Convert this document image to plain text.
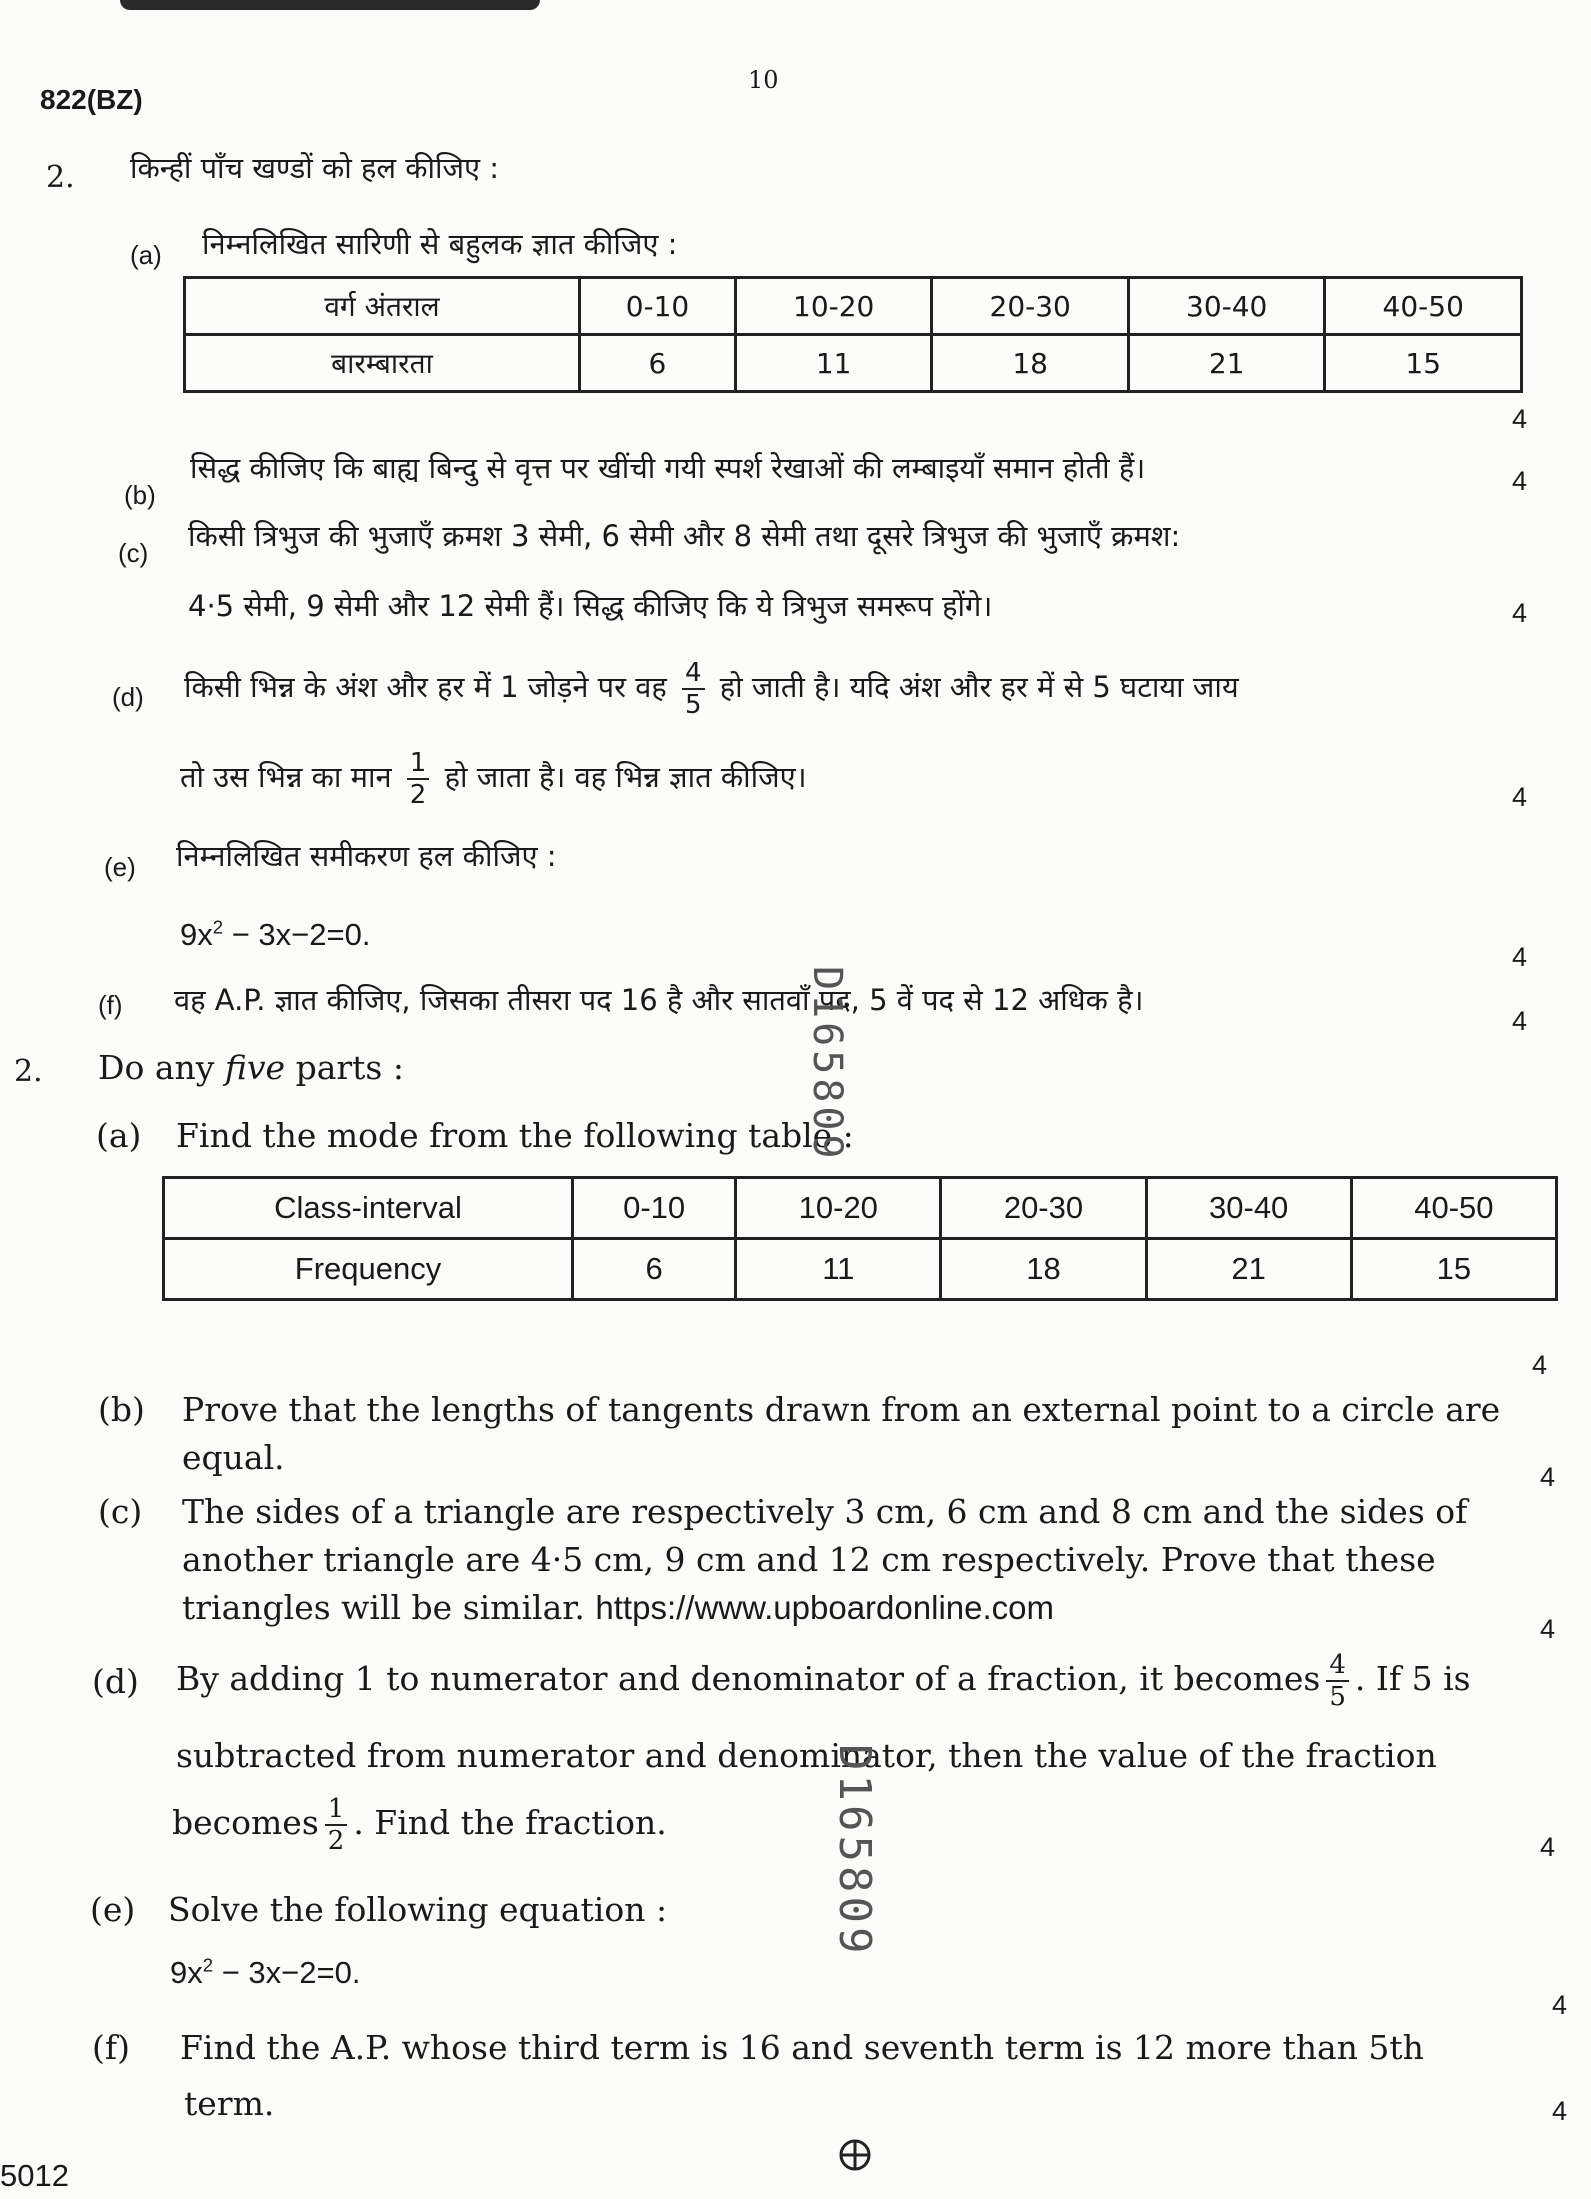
822(BZ)
10
2. किन्हीं पाँच खण्डों को हल कीजिए :
(a) निम्नलिखित सारिणी से बहुलक ज्ञात कीजिए :
वर्ग अंतराल	0-10	10-20	20-30	30-40	40-50
बारम्बारता	6	11	18	21	15
4
(b)
सिद्ध कीजिए कि बाह्य बिन्दु से वृत्त पर खींची गयी स्पर्श रेखाओं की लम्बाइयाँ समान होती हैं।	4
(c) किसी त्रिभुज की भुजाएँ क्रमश 3 सेमी, 6 सेमी और 8 सेमी तथा दूसरे त्रिभुज की भुजाएँ क्रमश:
4·5 सेमी, 9 सेमी और 12 सेमी हैं। सिद्ध कीजिए कि ये त्रिभुज समरूप होंगे।	4
(d) किसी भिन्न के अंश और हर में 1 जोड़ने पर वह $\frac{4}{5}$ हो जाती है। यदि अंश और हर में से 5 घटाया जाय
तो उस भिन्न का मान $\frac{1}{2}$ हो जाता है। वह भिन्न ज्ञात कीजिए।
4
(e) निम्नलिखित समीकरण हल कीजिए :
$9x^2 - 3x-2=0$.
4
(f) वह A.P. ज्ञात कीजिए, जिसका तीसरा पद 16 है और सातवाँ पद, 5 वें पद से 12 अधिक है।
4
2. Do any five parts :
(a) Find the mode from the following table :
Class-interval	0-10	10-20	20-30	30-40	40-50
Frequency	6	11	18	21	15
4
(b) Prove that the lengths of tangents drawn from an external point to a circle are
equal.	4
(c) The sides of a triangle are respectively 3 cm, 6 cm and 8 cm and the sides of
another triangle are 4·5 cm, 9 cm and 12 cm respectively. Prove that these
triangles will be similar. https://www.upboardonline.com
4
(d) By adding 1 to numerator and denominator of a fraction, it becomes $\frac{4}{5}$ . If 5 is
subtracted from numerator and denominator, then the value of the fraction
becomes $\frac{1}{2}$ . Find the fraction.
4
(e) Solve the following equation :
$9x^2 - 3x-2=0$.
4
(f) Find the A.P. whose third term is 16 and seventh term is 12 more than 5th
term.	4
D165809
D165809
5012
